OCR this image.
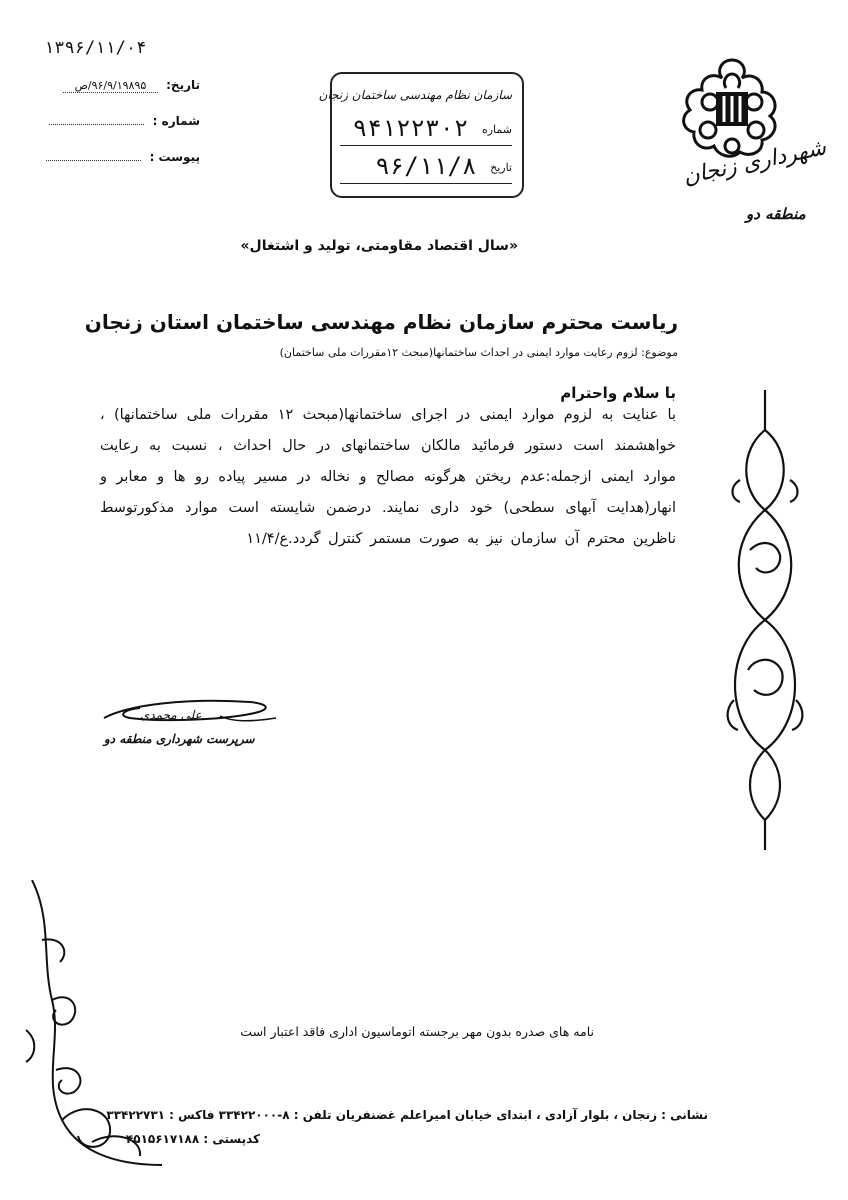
۱۳۹۶/۱۱/۰۴
تاریخ: ۹۶/۹/۱۹۸۹۵/ص
شماره :
پیوست :
سازمان نظام مهندسی ساختمان زنجان
شماره ۹۴۱۲۲۳۰۲
تاریخ ۹۶/۱۱/۸	شهرداری زنجان
منطقه دو
«سال اقتصاد مقاومتی، تولید و اشتغال»
ریاست محترم سازمان نظام مهندسی ساختمان استان زنجان
موضوع: لزوم رعایت موارد ایمنی در احداث ساختمانها(مبحث ۱۲مقررات ملی ساختمان)
با سلام واحترام
با عنایت به لزوم موارد ایمنی در اجرای ساختمانها(مبحث ۱۲ مقررات ملی ساختمانها) ، خواهشمند است دستور فرمائید مالکان ساختمانهای در حال احداث ، نسبت به رعایت موارد ایمنی ازجمله:عدم ریختن هرگونه مصالح و نخاله در مسیر پیاده رو ها و معابر و انهار(هدایت آبهای سطحی) خود داری نمایند. درضمن شایسته است موارد مذکورتوسط ناظرین محترم آن سازمان نیز به صورت مستمر کنترل گردد.ع/۱۱/۴
علی محمدی
سرپرست شهرداری منطقه دو
نامه های صدره بدون مهر برجسته اتوماسیون اداری فاقد اعتبار است
نشانی : زنجان ، بلوار آزادی ، ابتدای خیابان امیراعلم غضنفریان تلفن : ۸-۳۳۴۲۲۰۰۰ فاکس : ۳۳۴۲۲۷۳۱
کدپستی : ۴۵۱۵۶۱۷۱۸۸
